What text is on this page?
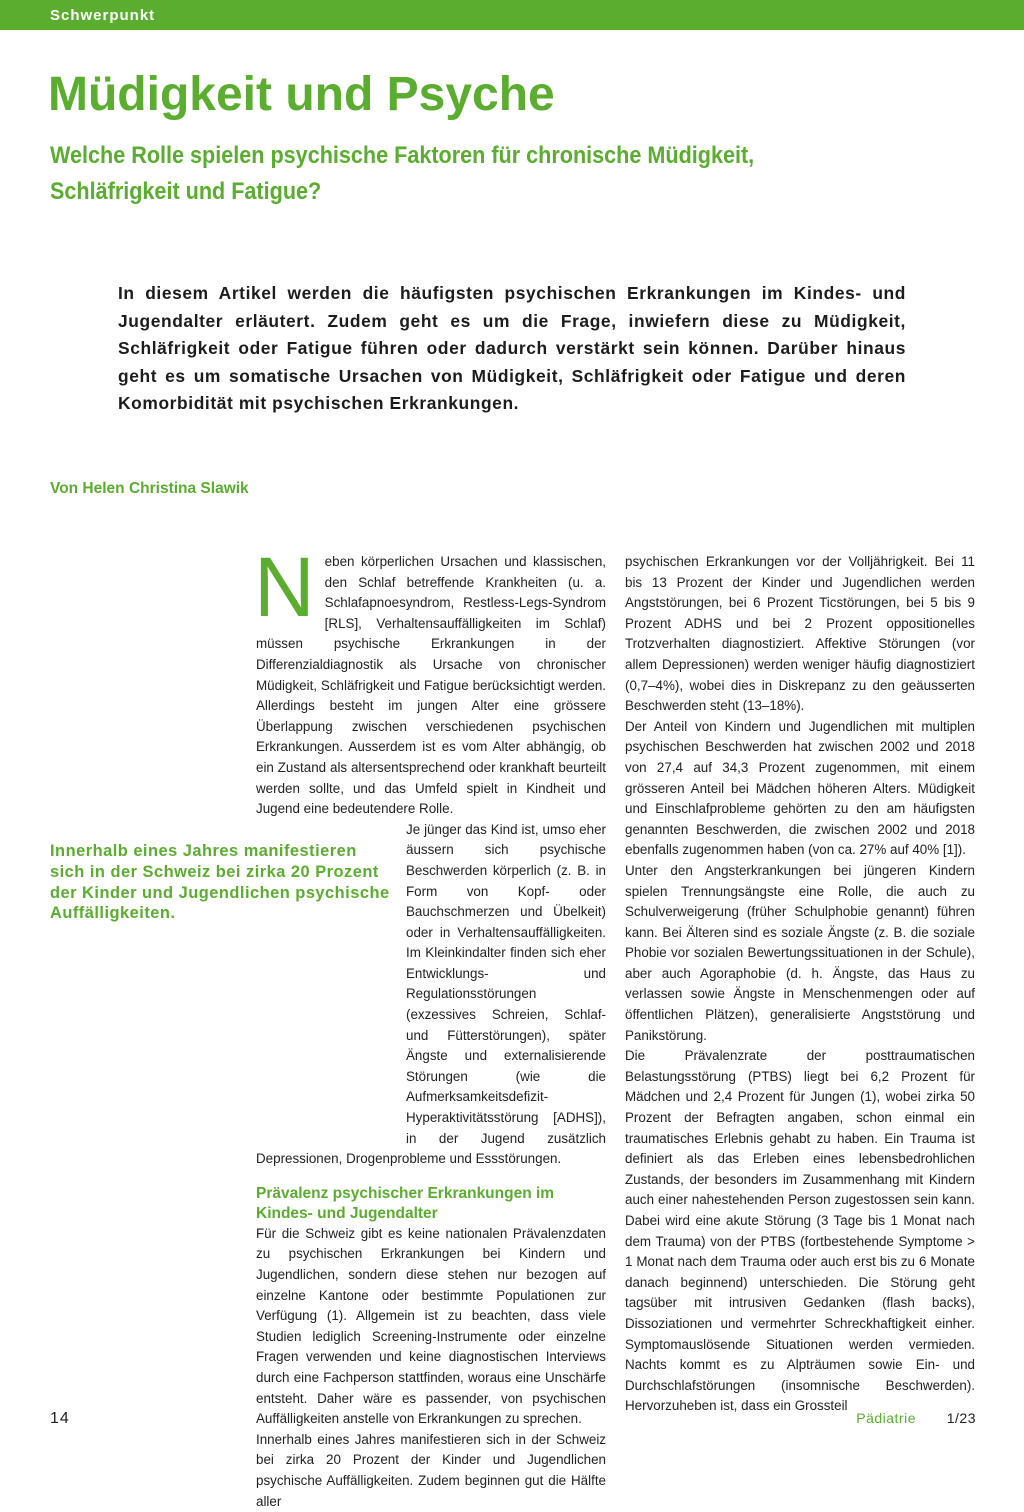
Schwerpunkt
Müdigkeit und Psyche
Welche Rolle spielen psychische Faktoren für chronische Müdigkeit, Schläfrigkeit und Fatigue?

In diesem Artikel werden die häufigsten psychischen Erkrankungen im Kindes- und Jugendalter erläutert. Zudem geht es um die Frage, inwiefern diese zu Müdigkeit, Schläfrigkeit oder Fatigue führen oder dadurch verstärkt sein können. Darüber hinaus geht es um somatische Ursachen von Müdigkeit, Schläfrigkeit oder Fatigue und deren Komorbidität mit psychischen Erkrankungen.

Von Helen Christina Slawik
N eben körperlichen Ursachen und klassischen, den Schlaf betreffende Krankheiten (u. a. Schlafapnoesyndrom, Restless-Legs-Syndrom [RLS], Verhaltensauffälligkeiten im Schlaf) müssen psychische Erkrankungen in der Differenzialdiagnostik als Ursache von chronischer Müdigkeit, Schläfrigkeit und Fatigue berücksichtigt werden. Allerdings besteht im jungen Alter eine grössere Überlappung zwischen verschiedenen psychischen Erkrankungen. Ausserdem ist es vom Alter abhängig, ob ein Zustand als altersentsprechend oder krankhaft beurteilt werden sollte, und das Umfeld spielt in Kindheit und Jugend eine bedeutendere Rolle.

Je jünger das Kind ist, umso eher äussern sich psychische Beschwerden körperlich (z. B. in Form von Kopf- oder Bauchschmerzen und Übelkeit) oder in Verhaltensauffälligkeiten. Im Kleinkindalter finden sich eher Entwicklungs- und Regulationsstörungen (exzessives Schreien, Schlaf- und Fütterstörungen), später Ängste und externalisierende Störungen (wie die Aufmerksamkeitsdefizit-Hyperaktivitätsstörung [ADHS]), in der Jugend zusätzlich Depressionen, Drogenprobleme und Essstörungen.

Prävalenz psychischer Erkrankungen im Kindes- und Jugendalter

Für die Schweiz gibt es keine nationalen Prävalenzdaten zu psychischen Erkrankungen bei Kindern und Jugendlichen, sondern diese stehen nur bezogen auf einzelne Kantone oder bestimmte Populationen zur Verfügung (1). Allgemein ist zu beachten, dass viele Studien lediglich Screening-Instrumente oder einzelne Fragen verwenden und keine diagnostischen Interviews durch eine Fachperson stattfinden, woraus eine Unschärfe entsteht. Daher wäre es passender, von psychischen Auffälligkeiten anstelle von Erkrankungen zu sprechen.

Innerhalb eines Jahres manifestieren sich in der Schweiz bei zirka 20 Prozent der Kinder und Jugendlichen psychische Auffälligkeiten. Zudem beginnen gut die Hälfte aller

psychischen Erkrankungen vor der Volljährigkeit. Bei 11 bis 13 Prozent der Kinder und Jugendlichen werden Angststörungen, bei 6 Prozent Ticstörungen, bei 5 bis 9 Prozent ADHS und bei 2 Prozent oppositionelles Trotzverhalten diagnostiziert. Affektive Störungen (vor allem Depressionen) werden weniger häufig diagnostiziert (0,7–4%), wobei dies in Diskrepanz zu den geäusserten Beschwerden steht (13–18%).

Der Anteil von Kindern und Jugendlichen mit multiplen psychischen Beschwerden hat zwischen 2002 und 2018 von 27,4 auf 34,3 Prozent zugenommen, mit einem grösseren Anteil bei Mädchen höheren Alters. Müdigkeit und Einschlafprobleme gehörten zu den am häufigsten genannten Beschwerden, die zwischen 2002 und 2018 ebenfalls zugenommen haben (von ca. 27% auf 40% [1]).

Unter den Angsterkrankungen bei jüngeren Kindern spielen Trennungsängste eine Rolle, die auch zu Schulverweigerung (früher Schulphobie genannt) führen kann. Bei Älteren sind es soziale Ängste (z. B. die soziale Phobie vor sozialen Bewertungssituationen in der Schule), aber auch Agoraphobie (d. h. Ängste, das Haus zu verlassen sowie Ängste in Menschenmengen oder auf öffentlichen Plätzen), generalisierte Angststörung und Panikstörung.

Die Prävalenzrate der posttraumatischen Belastungsstörung (PTBS) liegt bei 6,2 Prozent für Mädchen und 2,4 Prozent für Jungen (1), wobei zirka 50 Prozent der Befragten angaben, schon einmal ein traumatisches Erlebnis gehabt zu haben. Ein Trauma ist definiert als das Erleben eines lebensbedrohlichen Zustands, der besonders im Zusammenhang mit Kindern auch einer nahestehenden Person zugestossen sein kann. Dabei wird eine akute Störung (3 Tage bis 1 Monat nach dem Trauma) von der PTBS (fortbestehende Symptome > 1 Monat nach dem Trauma oder auch erst bis zu 6 Monate danach beginnend) unterschieden. Die Störung geht tagsüber mit intrusiven Gedanken (flash backs), Dissoziationen und vermehrter Schreckhaftigkeit einher. Symptomauslösende Situationen werden vermieden. Nachts kommt es zu Alpträumen sowie Ein- und Durchschlafstörungen (insomnische Beschwerden). Hervorzuheben ist, dass ein Grossteil

Innerhalb eines Jahres manifestieren sich in der Schweiz bei zirka 20 Prozent der Kinder und Jugendlichen psychische Auffälligkeiten.

14	Pädiatrie 1/23
